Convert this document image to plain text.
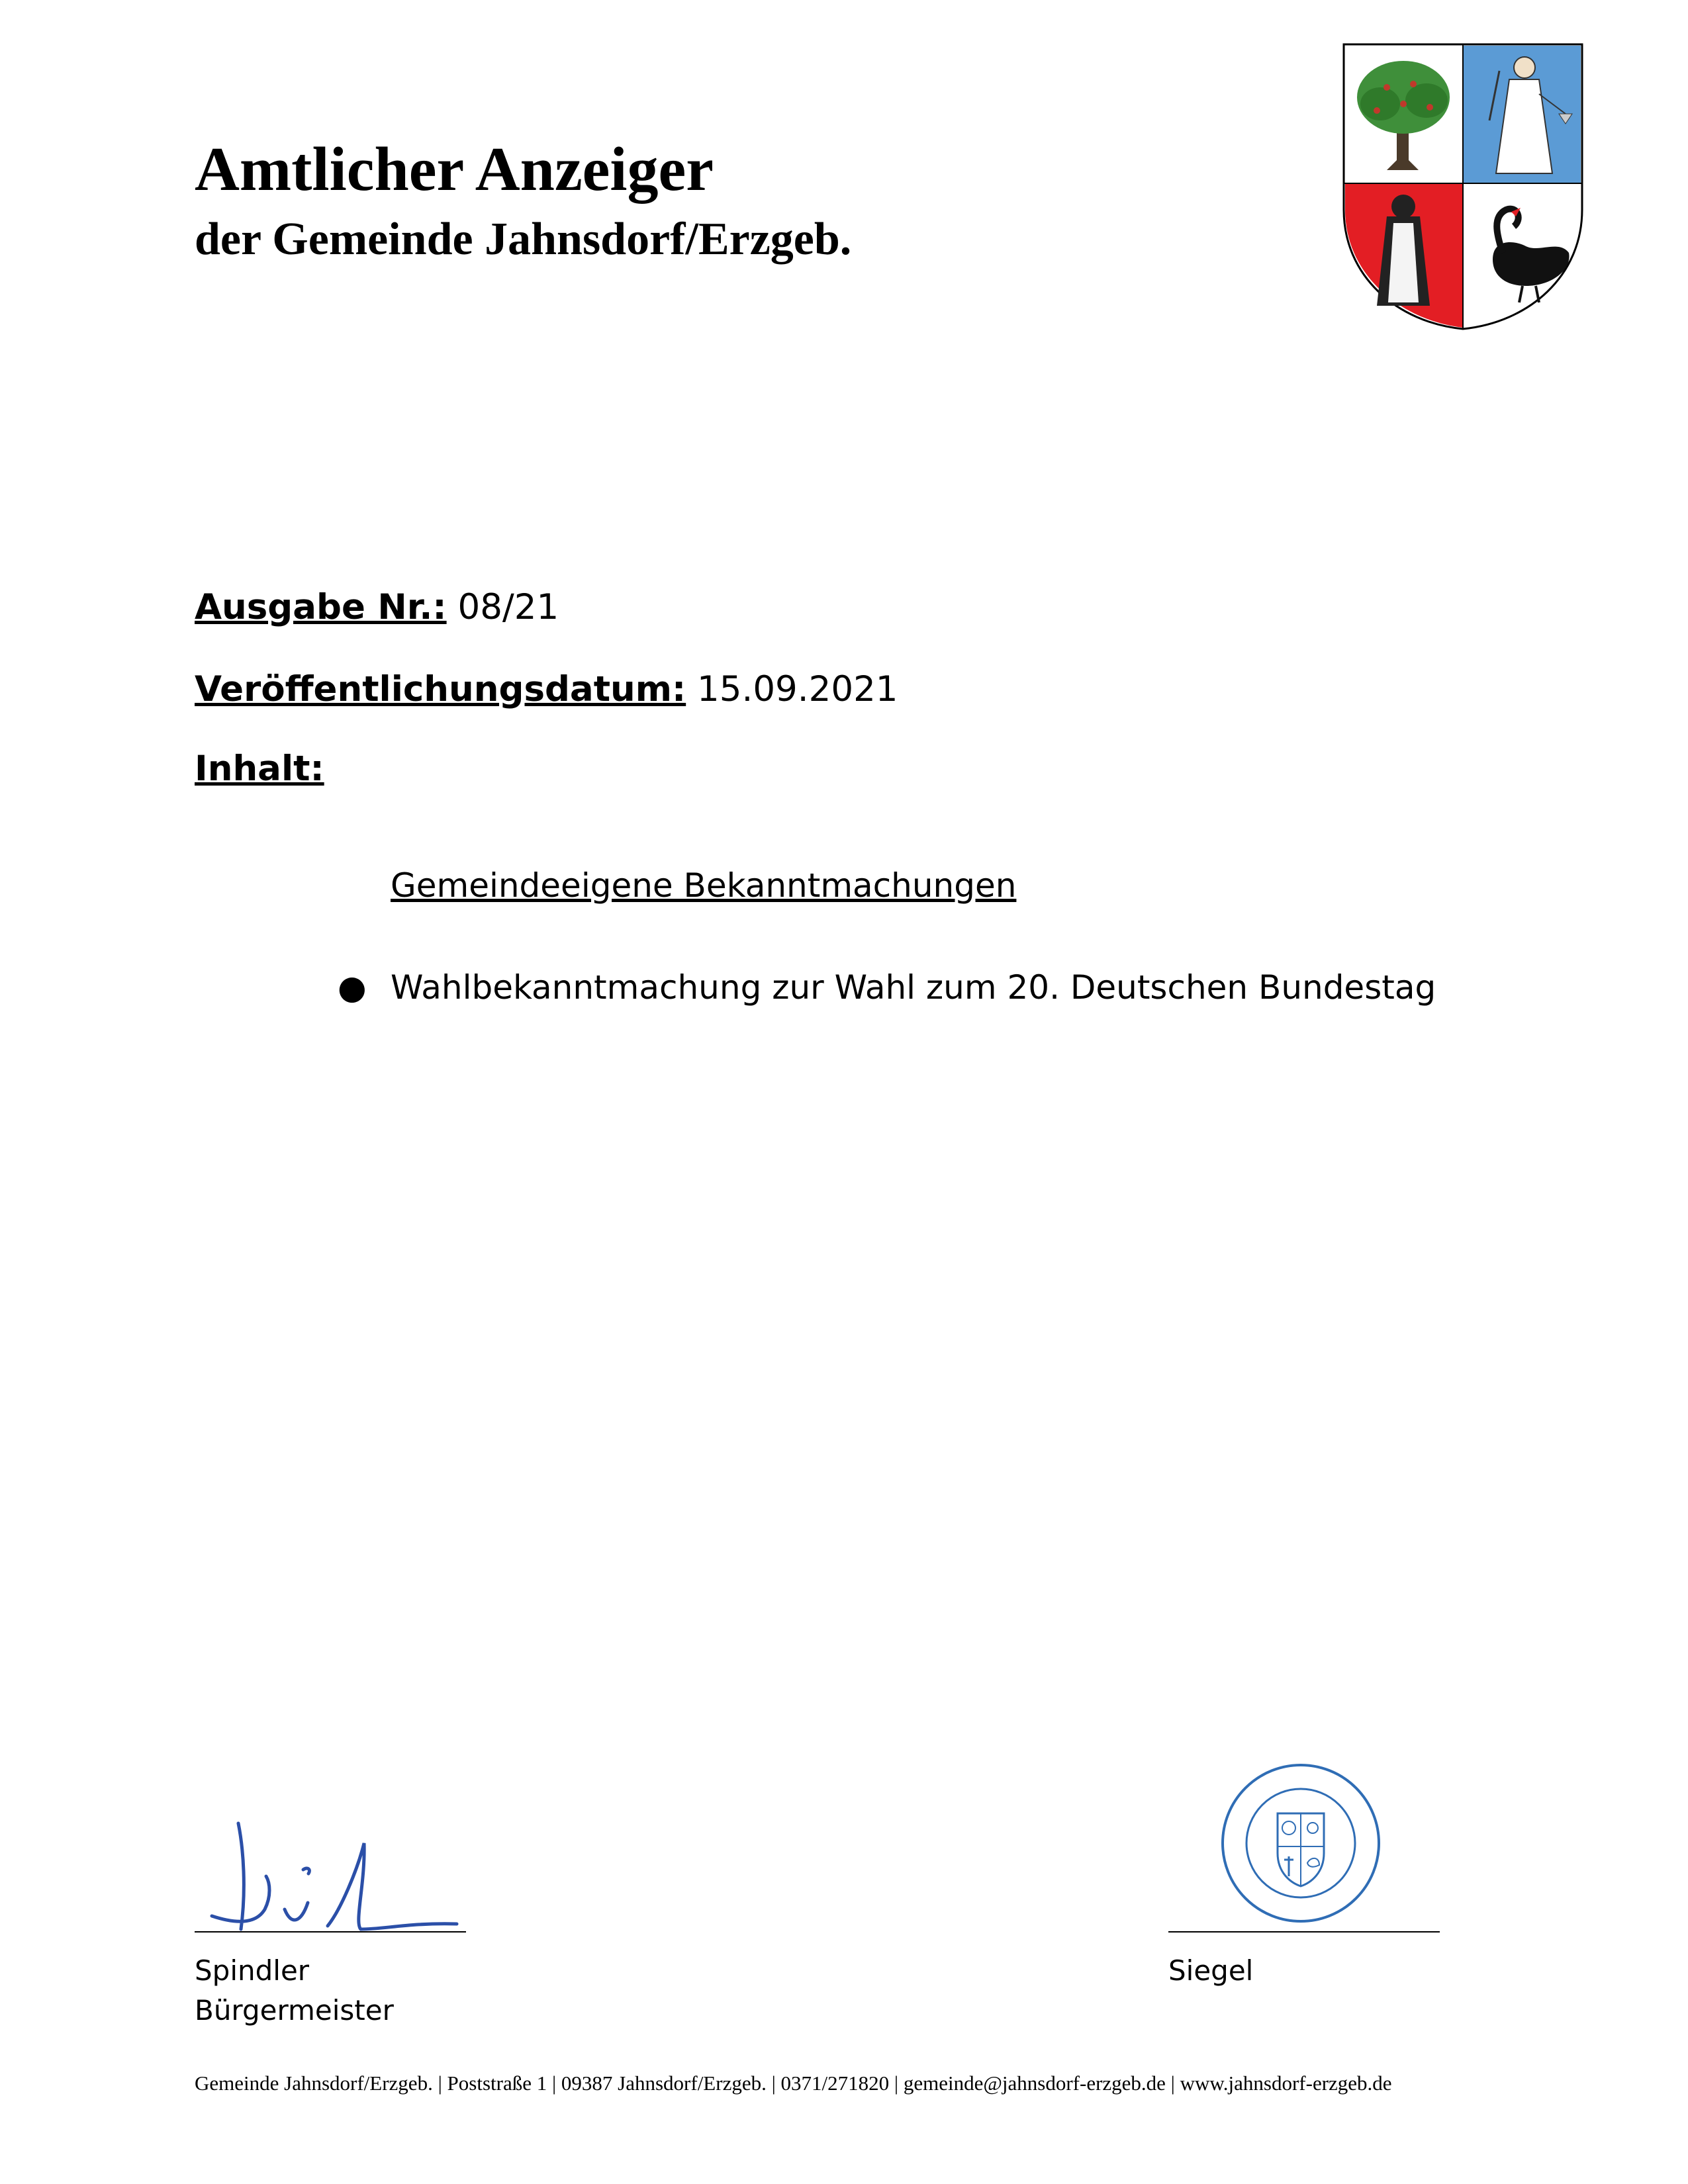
Amtlicher Anzeiger
der Gemeinde Jahnsdorf/Erzgeb.
Ausgabe Nr.: 08/21
Veröffentlichungsdatum: 15.09.2021
Inhalt:
Gemeindeeigene Bekanntmachungen
● Wahlbekanntmachung zur Wahl zum 20. Deutschen Bundestag
Spindler
Bürgermeister
Siegel
Gemeinde Jahnsdorf/Erzgeb. | Poststraße 1 | 09387 Jahnsdorf/Erzgeb. | 0371/271820 | gemeinde@jahnsdorf-erzgeb.de | www.jahnsdorf-erzgeb.de
